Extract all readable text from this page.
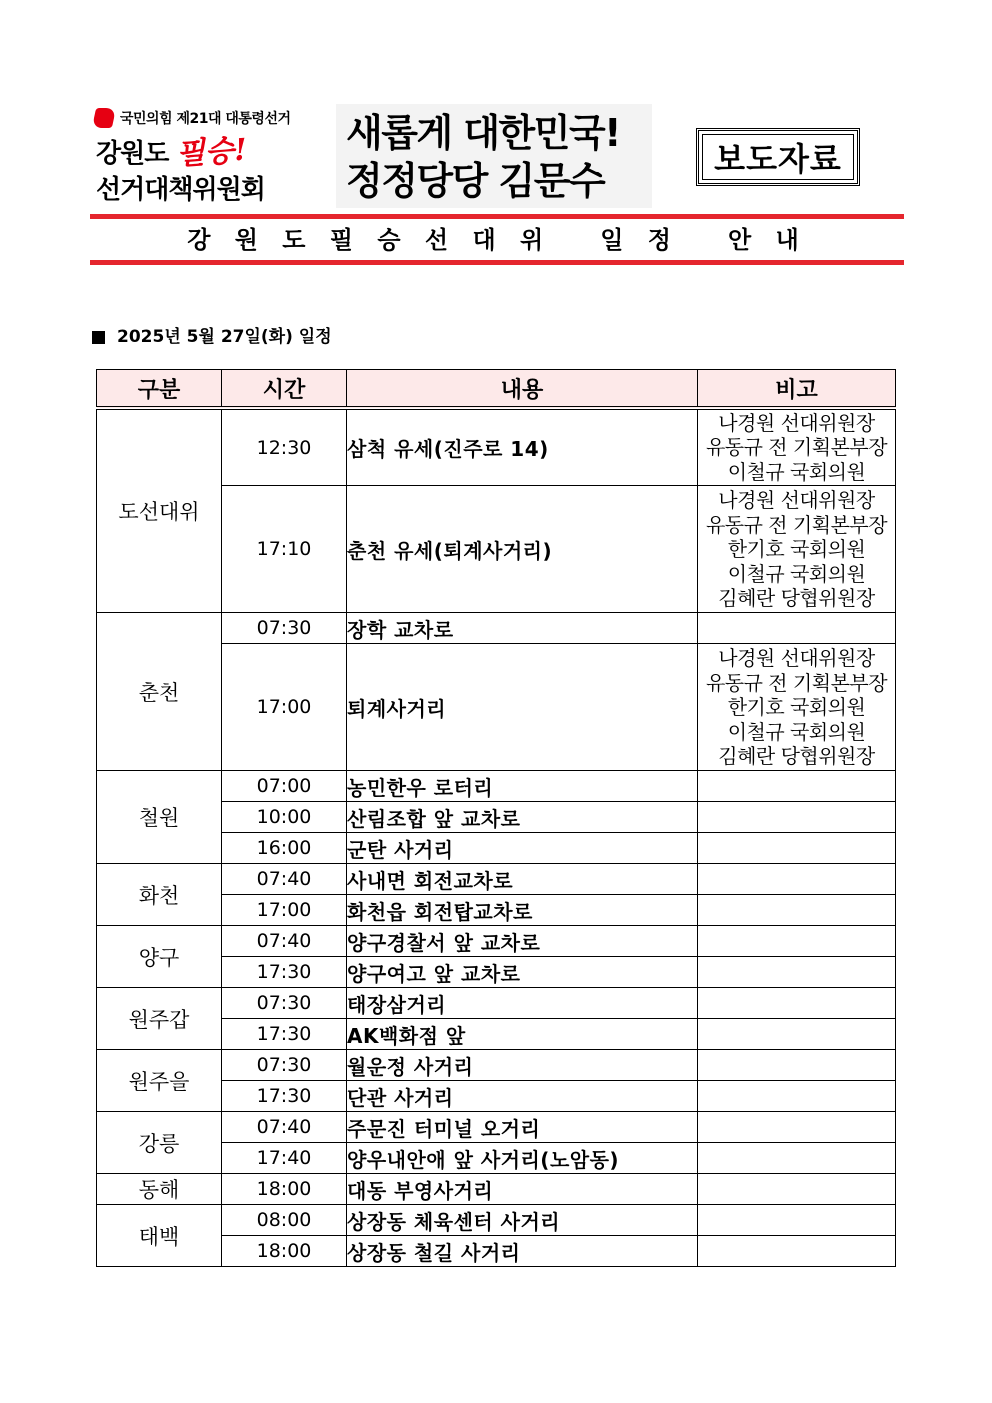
국민의힘 제21대 대통령선거
강원도 필승!
선거대책위원회
새롭게 대한민국!
정정당당 김문수	보도자료
강 원 도 필 승 선 대 위   일 정   안 내
2025년 5월 27일(화) 일정
구분	시간	내용	비고
도선대위	12:30	삼척 유세(진주로 14)	나경원 선대위원장
유동규 전 기획본부장
이철규 국회의원

	17:10	춘천 유세(퇴계사거리)	나경원 선대위원장
유동규 전 기획본부장
한기호 국회의원
이철규 국회의원
김혜란 당협위원장

춘천	07:30	장학 교차로	
	17:00	퇴계사거리	나경원 선대위원장
유동규 전 기획본부장
한기호 국회의원
이철규 국회의원
김혜란 당협위원장

철원	07:00	농민한우 로터리	
	10:00	산림조합 앞 교차로	
	16:00	군탄 사거리	
화천	07:40	사내면 회전교차로	
	17:00	화천읍 회전탑교차로	
양구	07:40	양구경찰서 앞 교차로	
	17:30	양구여고 앞 교차로	
원주갑	07:30	태장삼거리	
	17:30	AK백화점 앞	
원주을	07:30	월운정 사거리	
	17:30	단관 사거리	
강릉	07:40	주문진 터미널 오거리	
	17:40	양우내안애 앞 사거리(노암동)	
동해	18:00	대동 부영사거리	
태백	08:00	상장동 체육센터 사거리	
	18:00	상장동 철길 사거리	
